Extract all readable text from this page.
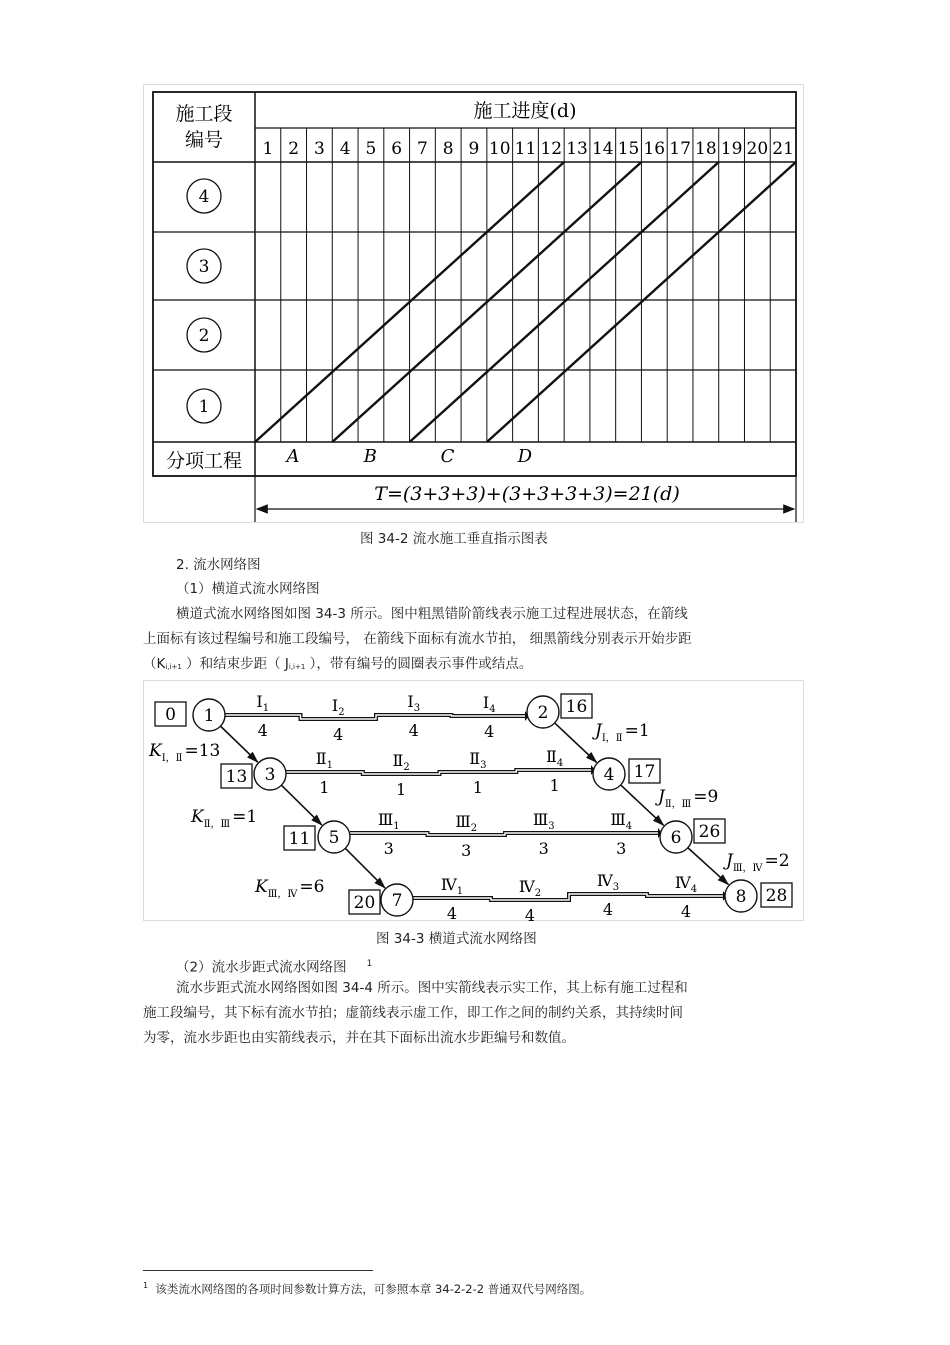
1 2 3 4 5 6 7 8 9 10 11 12 13 14 15 16 17 18 19 20 21
4
3
2
1
A	B	C	D
施工段
编号
施工进度(d)
分项工程
T=(3+3+3)+(3+3+3+3)=21(d)
图 34-2 流水施工垂直指示图表
2. 流水网络图
（1）横道式流水网络图
横道式流水网络图如图 34-3 所示。图中粗黑错阶箭线表示施工过程进展状态，在箭线
上面标有该过程编号和施工段编号， 在箭线下面标有流水节拍， 细黑箭线分别表示开始步距
（$K_{i,i+1}$ ）和结束步距（ $J_{i,i+1}$ ），带有编号的圆圈表示事件或结点。
1	2
3	4
5	6
7	8
0	16
13	17
11	26
20	28
$I_1$
4
$I_2$
4
$I_3$
4
$I_4$
4
$Ⅱ_1$
1
$Ⅱ_2$
1
$Ⅱ_3$
1
$Ⅱ_4$
1
$Ⅲ_1$
3
$Ⅲ_2$
3
$Ⅲ_3$
3
$Ⅲ_4$
3
$Ⅳ_1$
4
$Ⅳ_2$
4
$Ⅳ_3$
4
$Ⅳ_4$
4
$K_{I,Ⅱ} =13$
$K_{Ⅱ,Ⅲ} =1$
$K_{Ⅲ,Ⅳ} =6$
$J_{I,Ⅱ} =1$
$J_{Ⅱ,Ⅲ} =9$
$J_{Ⅲ,Ⅳ} =2$
图 34-3 横道式流水网络图
（2）流水步距式流水网络图 $^1$
流水步距式流水网络图如图 34-4 所示。图中实箭线表示实工作，其上标有施工过程和
施工段编号，其下标有流水节拍；虚箭线表示虚工作，即工作之间的制约关系，其持续时间
为零，流水步距也由实箭线表示，并在其下面标出流水步距编号和数值。
$^1$ 该类流水网络图的各项时间参数计算方法，可参照本章 34-2-2-2 普通双代号网络图。
